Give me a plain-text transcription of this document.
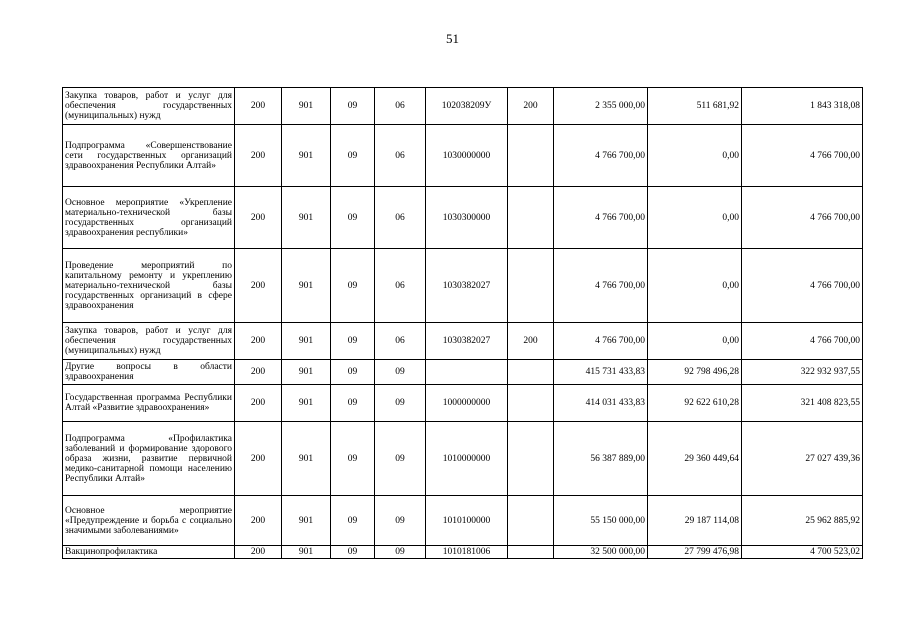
51
Закупка товаров, работ и услуг для обеспечения государственных (муниципальных) нужд	200	901	09	06	102038209У	200	2 355 000,00	511 681,92	1 843 318,08
Подпрограмма «Совершенствование сети государственных организаций здравоохранения Республики Алтай»	200	901	09	06	1030000000		4 766 700,00	0,00	4 766 700,00
Основное мероприятие «Укрепление материально-технической базы государственных организаций здравоохранения республики»	200	901	09	06	1030300000		4 766 700,00	0,00	4 766 700,00
Проведение мероприятий по капитальному ремонту и укреплению материально-технической базы государственных организаций в сфере здравоохранения	200	901	09	06	1030382027		4 766 700,00	0,00	4 766 700,00
Закупка товаров, работ и услуг для обеспечения государственных (муниципальных) нужд	200	901	09	06	1030382027	200	4 766 700,00	0,00	4 766 700,00
Другие вопросы в области здравоохранения	200	901	09	09			415 731 433,83	92 798 496,28	322 932 937,55
Государственная программа Республики Алтай «Развитие здравоохранения»	200	901	09	09	1000000000		414 031 433,83	92 622 610,28	321 408 823,55
Подпрограмма «Профилактика заболеваний и формирование здорового образа жизни, развитие первичной медико-санитарной помощи населению Республики Алтай»	200	901	09	09	1010000000		56 387 889,00	29 360 449,64	27 027 439,36
Основное мероприятие «Предупреждение и борьба с социально значимыми заболеваниями»	200	901	09	09	1010100000		55 150 000,00	29 187 114,08	25 962 885,92
Вакцинопрофилактика	200	901	09	09	1010181006		32 500 000,00	27 799 476,98	4 700 523,02
